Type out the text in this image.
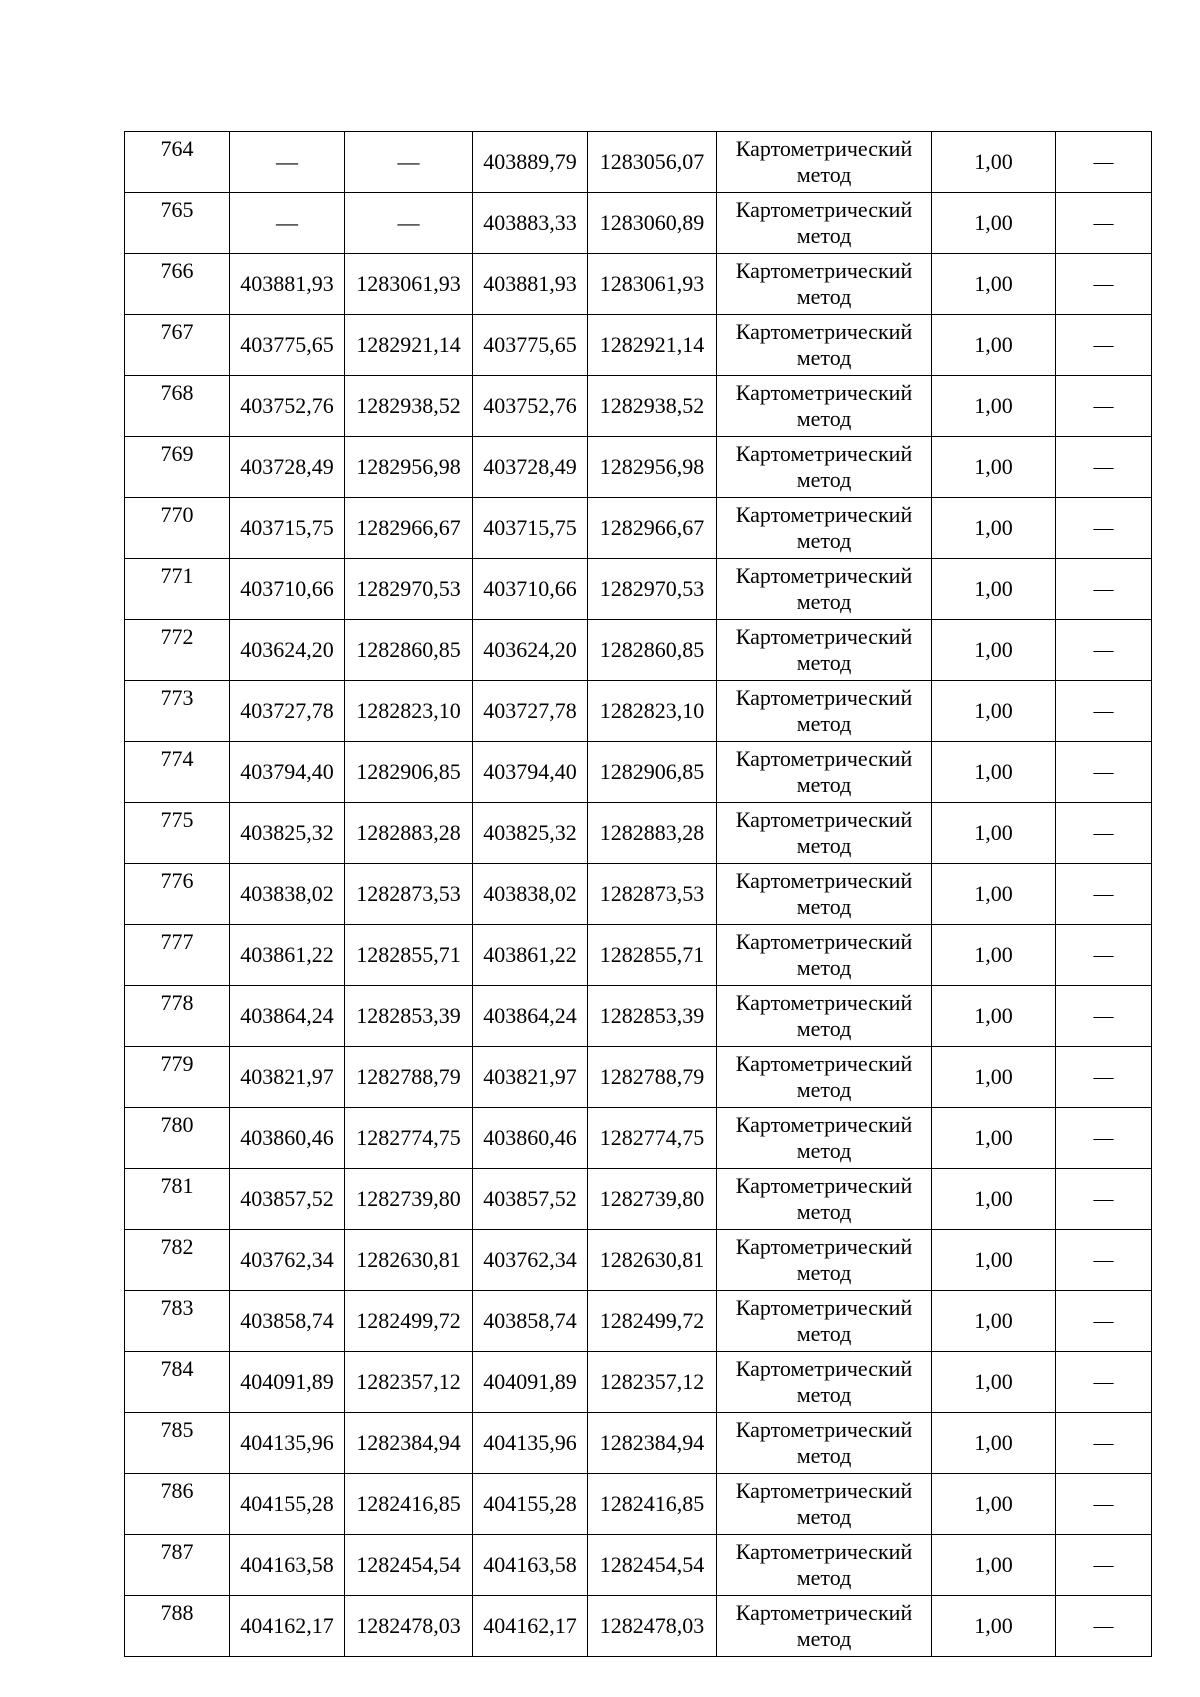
764	—	—	403889,79	1283056,07	Картометрический метод	1,00	—
765	—	—	403883,33	1283060,89	Картометрический метод	1,00	—
766	403881,93	1283061,93	403881,93	1283061,93	Картометрический метод	1,00	—
767	403775,65	1282921,14	403775,65	1282921,14	Картометрический метод	1,00	—
768	403752,76	1282938,52	403752,76	1282938,52	Картометрический метод	1,00	—
769	403728,49	1282956,98	403728,49	1282956,98	Картометрический метод	1,00	—
770	403715,75	1282966,67	403715,75	1282966,67	Картометрический метод	1,00	—
771	403710,66	1282970,53	403710,66	1282970,53	Картометрический метод	1,00	—
772	403624,20	1282860,85	403624,20	1282860,85	Картометрический метод	1,00	—
773	403727,78	1282823,10	403727,78	1282823,10	Картометрический метод	1,00	—
774	403794,40	1282906,85	403794,40	1282906,85	Картометрический метод	1,00	—
775	403825,32	1282883,28	403825,32	1282883,28	Картометрический метод	1,00	—
776	403838,02	1282873,53	403838,02	1282873,53	Картометрический метод	1,00	—
777	403861,22	1282855,71	403861,22	1282855,71	Картометрический метод	1,00	—
778	403864,24	1282853,39	403864,24	1282853,39	Картометрический метод	1,00	—
779	403821,97	1282788,79	403821,97	1282788,79	Картометрический метод	1,00	—
780	403860,46	1282774,75	403860,46	1282774,75	Картометрический метод	1,00	—
781	403857,52	1282739,80	403857,52	1282739,80	Картометрический метод	1,00	—
782	403762,34	1282630,81	403762,34	1282630,81	Картометрический метод	1,00	—
783	403858,74	1282499,72	403858,74	1282499,72	Картометрический метод	1,00	—
784	404091,89	1282357,12	404091,89	1282357,12	Картометрический метод	1,00	—
785	404135,96	1282384,94	404135,96	1282384,94	Картометрический метод	1,00	—
786	404155,28	1282416,85	404155,28	1282416,85	Картометрический метод	1,00	—
787	404163,58	1282454,54	404163,58	1282454,54	Картометрический метод	1,00	—
788	404162,17	1282478,03	404162,17	1282478,03	Картометрический метод	1,00	—
